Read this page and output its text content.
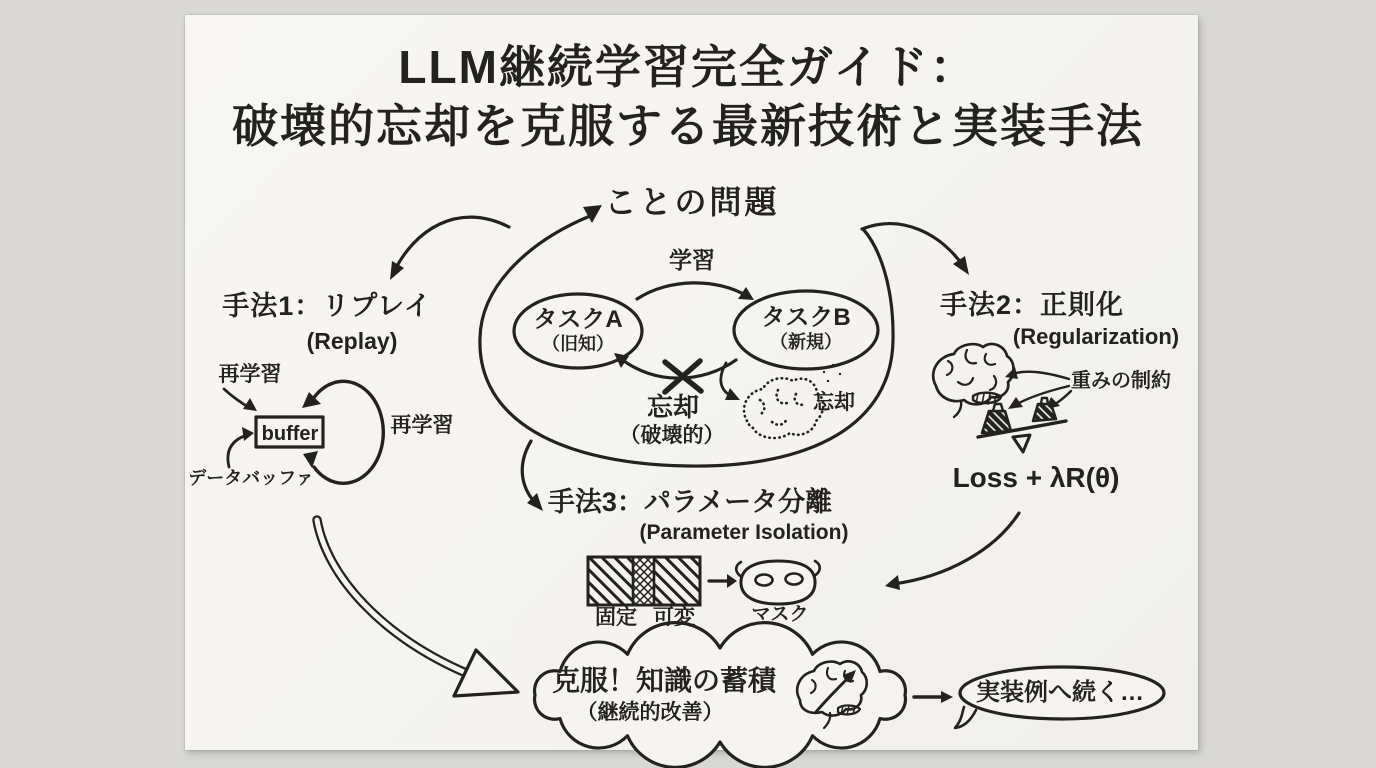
LLM継続学習完全ガイド：
破壊的忘却を克服する最新技術と実装手法
ことの問題
学習
タスクA
（旧知）
タスクB
（新規）
忘却
（破壊的）
忘却
手法1：リプレイ
(Replay)
再学習
buffer	再学習
データバッファ
手法2：正則化
(Regularization)
重みの制約
Loss + λR(θ)
手法3：パラメータ分離
(Parameter Isolation)
固定 可変	マスク
克服！知識の蓄積
（継続的改善）
実装例へ続く…
